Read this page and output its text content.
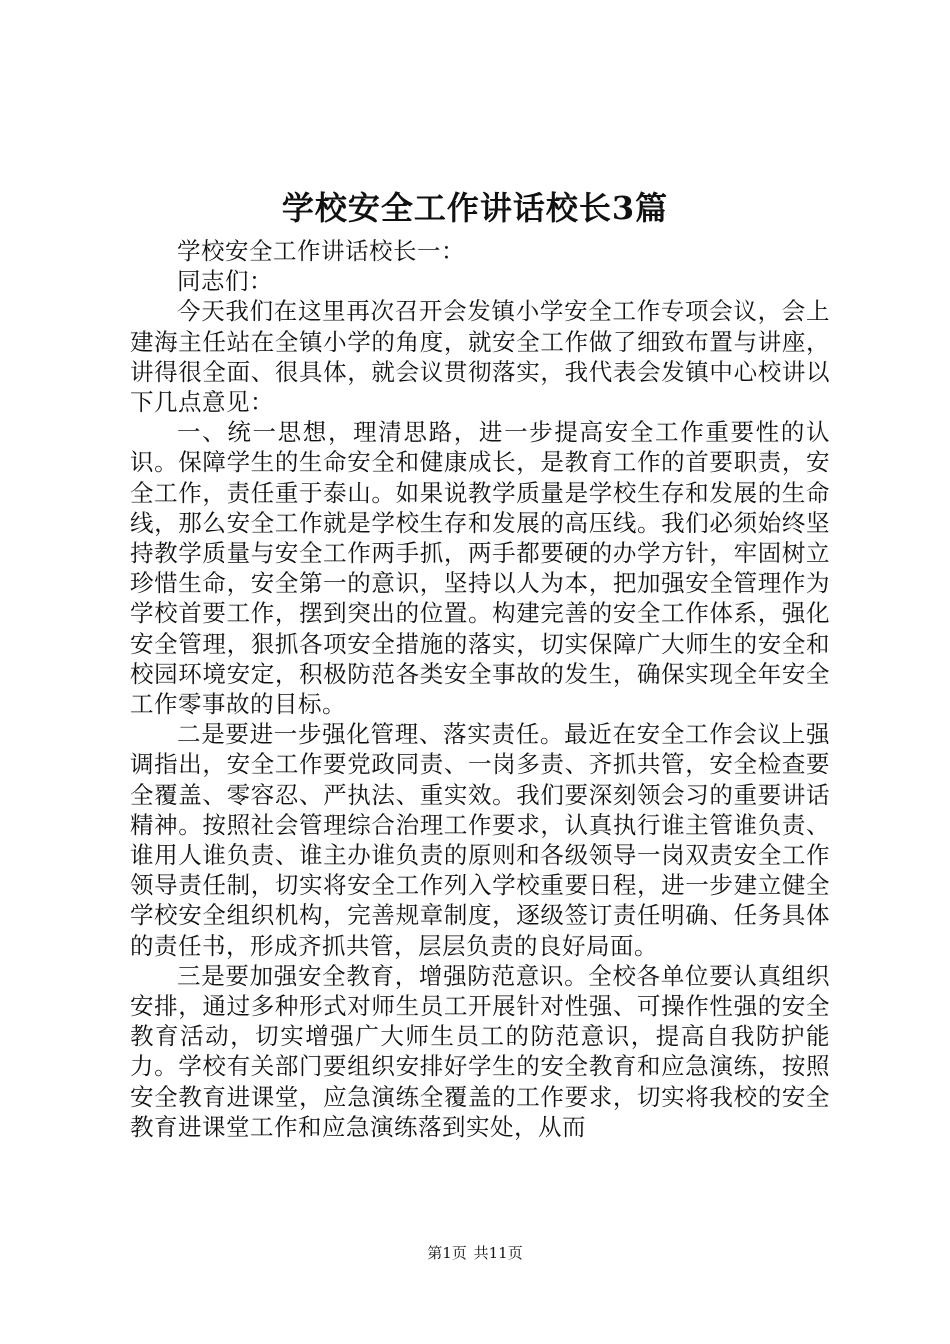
学校安全工作讲话校长3篇

学校安全工作讲话校长一：

同志们：

今天我们在这里再次召开会发镇小学安全工作专项会议，会上建海主任站在全镇小学的角度，就安全工作做了细致布置与讲座，讲得很全面、很具体，就会议贯彻落实，我代表会发镇中心校讲以下几点意见：

一、统一思想，理清思路，进一步提高安全工作重要性的认识。保障学生的生命安全和健康成长，是教育工作的首要职责，安全工作，责任重于泰山。如果说教学质量是学校生存和发展的生命线，那么安全工作就是学校生存和发展的高压线。我们必须始终坚持教学质量与安全工作两手抓，两手都要硬的办学方针，牢固树立珍惜生命，安全第一的意识，坚持以人为本，把加强安全管理作为学校首要工作，摆到突出的位置。构建完善的安全工作体系，强化安全管理，狠抓各项安全措施的落实，切实保障广大师生的安全和校园环境安定，积极防范各类安全事故的发生，确保实现全年安全工作零事故的目标。

二是要进一步强化管理、落实责任。最近在安全工作会议上强调指出，安全工作要党政同责、一岗多责、齐抓共管，安全检查要全覆盖、零容忍、严执法、重实效。我们要深刻领会习的重要讲话精神。按照社会管理综合治理工作要求，认真执行谁主管谁负责、谁用人谁负责、谁主办谁负责的原则和各级领导一岗双责安全工作领导责任制，切实将安全工作列入学校重要日程，进一步建立健全学校安全组织机构，完善规章制度，逐级签订责任明确、任务具体的责任书，形成齐抓共管，层层负责的良好局面。

三是要加强安全教育，增强防范意识。全校各单位要认真组织安排，通过多种形式对师生员工开展针对性强、可操作性强的安全教育活动，切实增强广大师生员工的防范意识，提高自我防护能力。学校有关部门要组织安排好学生的安全教育和应急演练，按照安全教育进课堂，应急演练全覆盖的工作要求，切实将我校的安全教育进课堂工作和应急演练落到实处，从而

第1页 共11页
